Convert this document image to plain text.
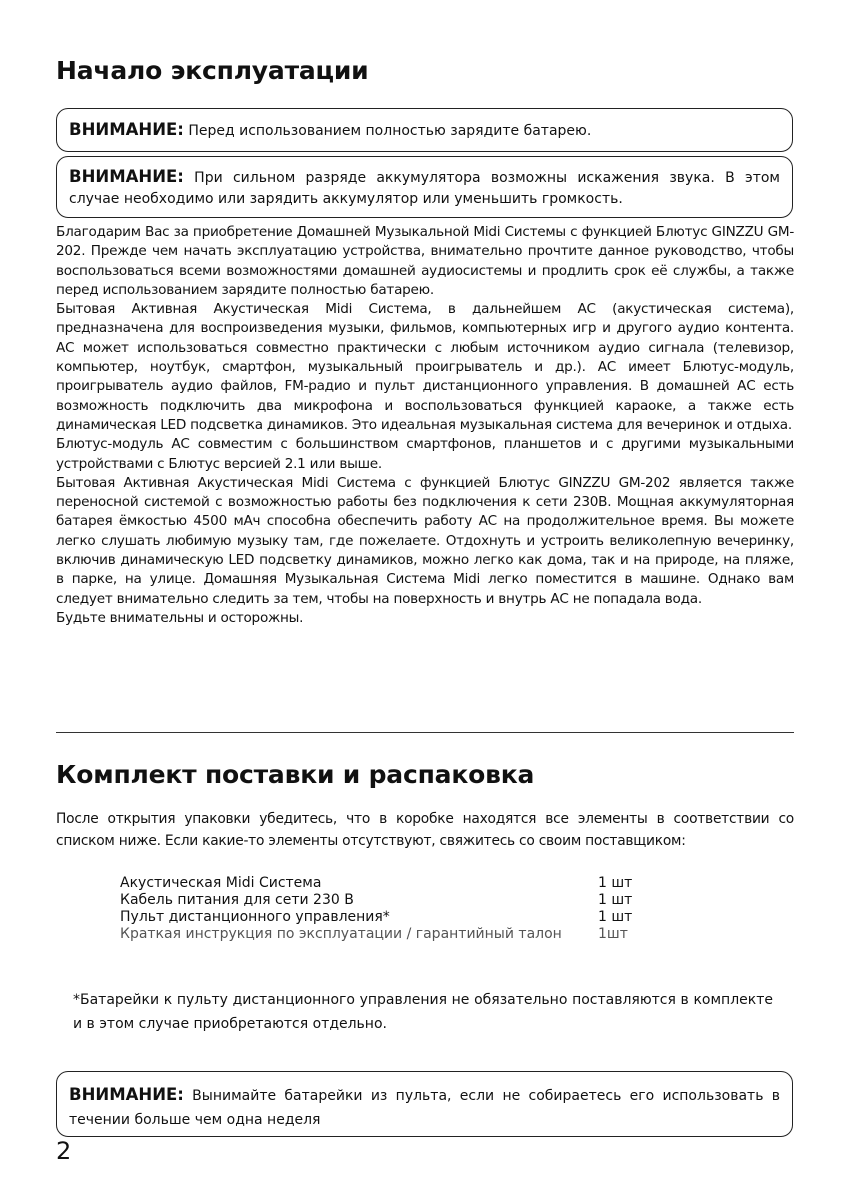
Начало эксплуатации
ВНИМАНИЕ: Перед использованием полностью зарядите батарею.
ВНИМАНИЕ: При сильном разряде аккумулятора возможны искажения звука. В этом случае необходимо или зарядить аккумулятор или уменьшить громкость.

Благодарим Вас за приобретение Домашней Музыкальной Midi Системы с функцией Блютус GINZZU GM-202. Прежде чем начать эксплуатацию устройства, внимательно прочтите данное руководство, чтобы воспользоваться всеми возможностями домашней аудиосистемы и продлить срок её службы, а также перед использованием зарядите полностью батарею.

Бытовая Активная Акустическая Midi Система, в дальнейшем АС (акустическая система), предназначена для воспроизведения музыки, фильмов, компьютерных игр и другого аудио контента. АС может использоваться совместно практически с любым источником аудио сигнала (телевизор, компьютер, ноутбук, смартфон, музыкальный проигрыватель и др.). АС имеет Блютус-модуль, проигрыватель аудио файлов, FM-радио и пульт дистанционного управления. В домашней АС есть возможность подключить два микрофона и воспользоваться функцией караоке, а также есть динамическая LED подсветка динамиков. Это идеальная музыкальная система для вечеринок и отдыха.

Блютус-модуль АС совместим с большинством смартфонов, планшетов и с другими музыкальными устройствами с Блютус версией 2.1 или выше.

Бытовая Активная Акустическая Midi Система с функцией Блютус GINZZU GM-202 является также переносной системой с возможностью работы без подключения к сети 230В. Мощная аккумуляторная батарея ёмкостью 4500 мАч способна обеспечить работу АС на продолжительное время. Вы можете легко слушать любимую музыку там, где пожелаете. Отдохнуть и устроить великолепную вечеринку, включив динамическую LED подсветку динамиков, можно легко как дома, так и на природе, на пляже, в парке, на улице. Домашняя Музыкальная Система Midi легко поместится в машине. Однако вам следует внимательно следить за тем, чтобы на поверхность и внутрь АС не попадала вода.

Будьте внимательны и осторожны.

Комплект поставки и распаковка

После открытия упаковки убедитесь, что в коробке находятся все элементы в соответствии со списком ниже. Если какие-то элементы отсутствуют, свяжитесь со своим поставщиком:

Акустическая Midi Система	1 шт
Кабель питания для сети 230 В	1 шт
Пульт дистанционного управления*	1 шт
Краткая инструкция по эксплуатации / гарантийный талон	1шт
*Батарейки к пульту дистанционного управления не обязательно поставляются в комплекте и в этом случае приобретаются отдельно.
ВНИМАНИЕ: Вынимайте батарейки из пульта, если не собираетесь его использовать в течении больше чем одна неделя
2
